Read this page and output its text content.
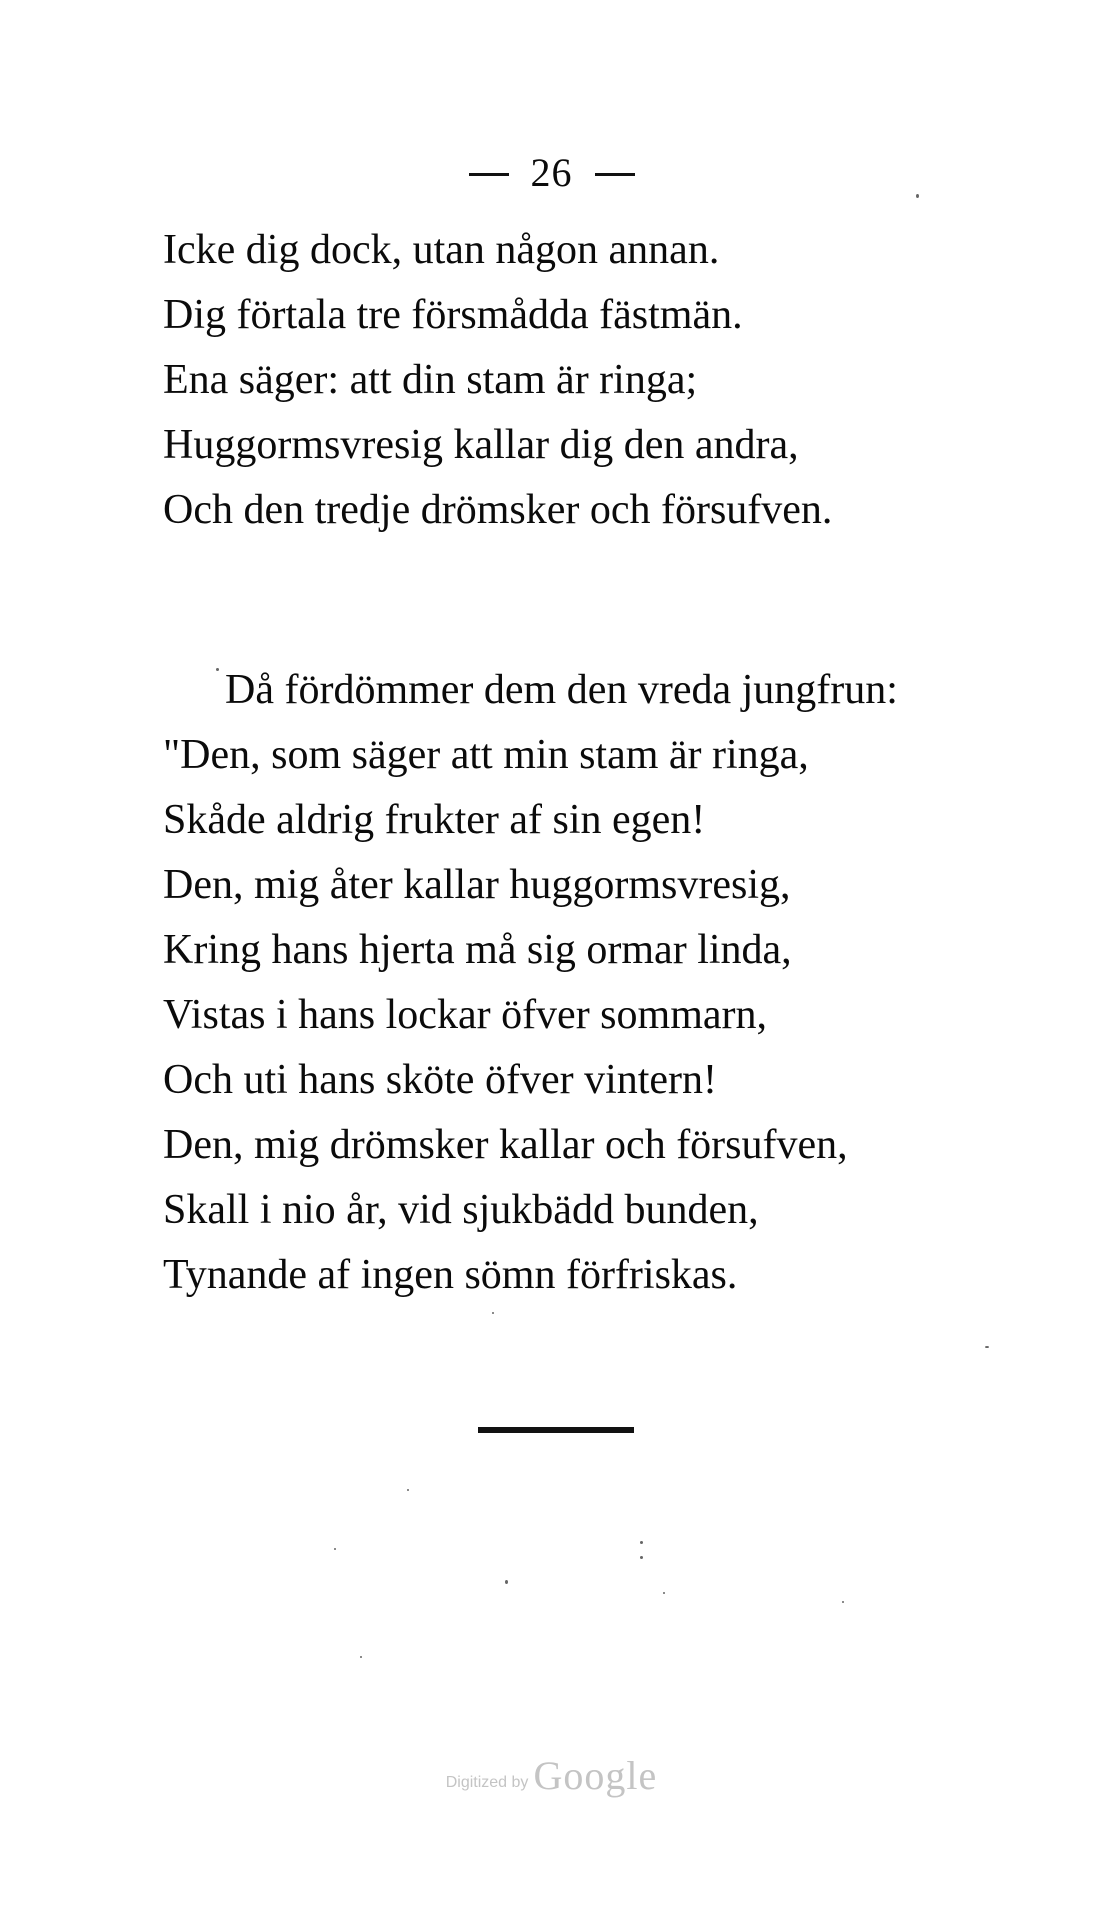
26
Icke dig dock, utan någon annan.
Dig förtala tre försmådda fästmän.
Ena säger: att din stam är ringa;
Huggormsvresig kallar dig den andra,
Och den tredje drömsker och försufven.
Då fördömmer dem den vreda jungfrun:
"Den, som säger att min stam är ringa,
Skåde aldrig frukter af sin egen!
Den, mig åter kallar huggormsvresig,
Kring hans hjerta må sig ormar linda,
Vistas i hans lockar öfver sommarn,
Och uti hans sköte öfver vintern!
Den, mig drömsker kallar och försufven,
Skall i nio år, vid sjukbädd bunden,
Tynande af ingen sömn förfriskas.
Digitized by Google
